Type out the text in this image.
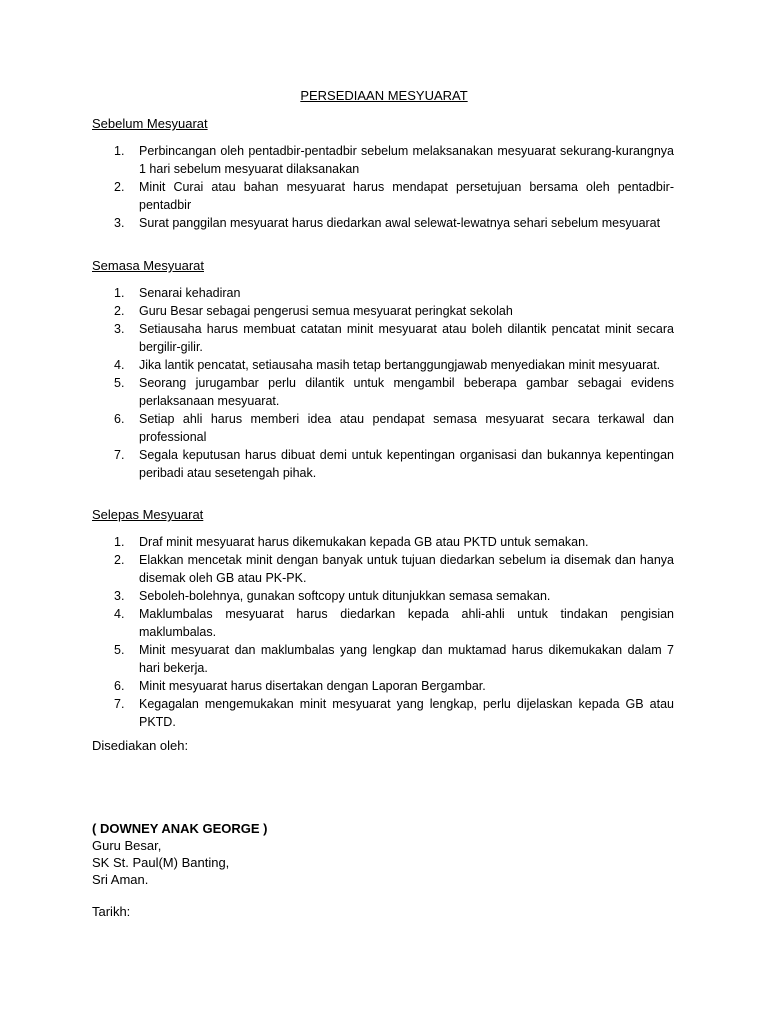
PERSEDIAAN MESYUARAT
Sebelum Mesyuarat
1. Perbincangan oleh pentadbir-pentadbir sebelum melaksanakan mesyuarat sekurang-kurangnya 1 hari sebelum mesyuarat dilaksanakan
2. Minit Curai atau bahan mesyuarat harus mendapat persetujuan bersama oleh pentadbir-pentadbir
3. Surat panggilan mesyuarat harus diedarkan awal selewat-lewatnya sehari sebelum mesyuarat
Semasa Mesyuarat
1. Senarai kehadiran
2. Guru Besar sebagai pengerusi semua mesyuarat peringkat sekolah
3. Setiausaha harus membuat catatan minit mesyuarat atau boleh dilantik pencatat minit secara bergilir-gilir.
4. Jika lantik pencatat, setiausaha masih tetap bertanggungjawab menyediakan minit mesyuarat.
5. Seorang jurugambar perlu dilantik untuk mengambil beberapa gambar sebagai evidens perlaksanaan mesyuarat.
6. Setiap ahli harus memberi idea atau pendapat semasa mesyuarat secara terkawal dan professional
7. Segala keputusan harus dibuat demi untuk kepentingan organisasi dan bukannya kepentingan peribadi atau sesetengah pihak.
Selepas Mesyuarat
1. Draf minit mesyuarat harus dikemukakan kepada GB atau PKTD untuk semakan.
2. Elakkan mencetak minit dengan banyak untuk tujuan diedarkan sebelum ia disemak dan hanya disemak oleh GB atau PK-PK.
3. Seboleh-bolehnya, gunakan softcopy untuk ditunjukkan semasa semakan.
4. Maklumbalas mesyuarat harus diedarkan kepada ahli-ahli untuk tindakan pengisian maklumbalas.
5. Minit mesyuarat dan maklumbalas yang lengkap dan muktamad harus dikemukakan dalam 7 hari bekerja.
6. Minit mesyuarat harus disertakan dengan Laporan Bergambar.
7. Kegagalan mengemukakan minit mesyuarat yang lengkap, perlu dijelaskan kepada GB atau PKTD.
Disediakan oleh:
( DOWNEY ANAK GEORGE )
Guru Besar,
SK St. Paul(M) Banting,
Sri Aman.
Tarikh:
